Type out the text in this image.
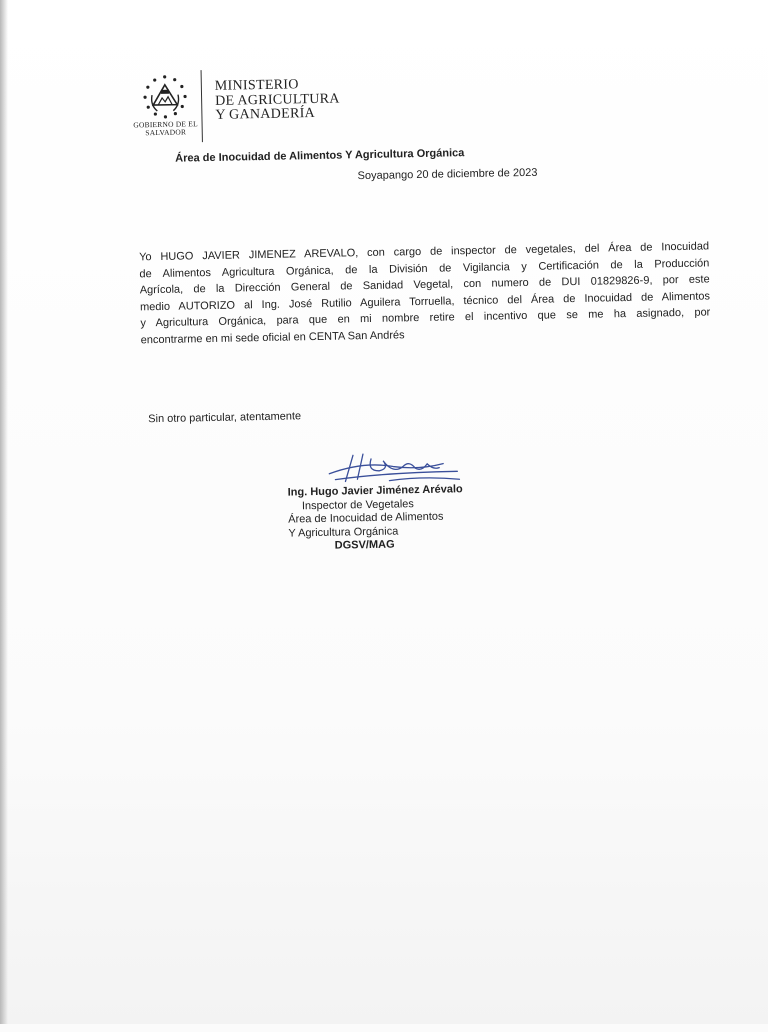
GOBIERNO DE EL SALVADOR
MINISTERIO
DE AGRICULTURA
Y GANADERÍA
Área de Inocuidad de Alimentos Y Agricultura Orgánica
Soyapango 20 de diciembre de 2023
Yo HUGO JAVIER JIMENEZ AREVALO, con cargo de inspector de vegetales, del Área de Inocuidad
de Alimentos Agricultura Orgánica, de la División de Vigilancia y Certificación de la Producción
Agrícola, de la Dirección General de Sanidad Vegetal, con numero de DUI 01829826-9, por este
medio AUTORIZO al Ing. José Rutilio Aguilera Torruella, técnico del Área de Inocuidad de Alimentos
y Agricultura Orgánica, para que en mi nombre retire el incentivo que se me ha asignado, por
encontrarme en mi sede oficial en CENTA San Andrés
Sin otro particular, atentamente
Ing. Hugo Javier Jiménez Arévalo
Inspector de Vegetales
Área de Inocuidad de Alimentos
Y Agricultura Orgánica
DGSV/MAG
